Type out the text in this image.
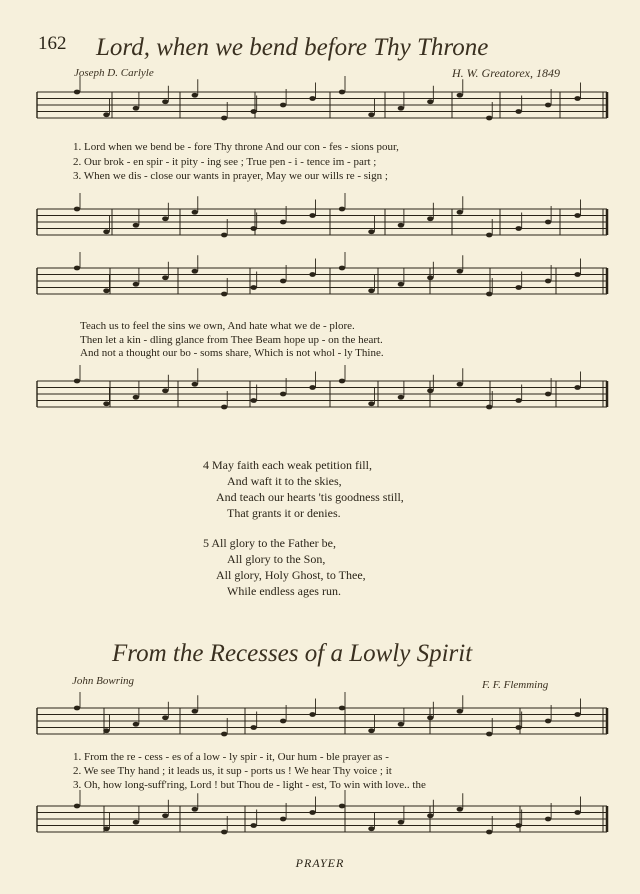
162 Lord, when we bend before Thy Throne
Joseph D. Carlyle	H. W. Greatorex, 1849
1. Lord when we bend be - fore Thy throne And our con - fes - sions pour,
2. Our brok - en spir - it pity - ing see ; True pen - i - tence im - part ;
3. When we dis - close our wants in prayer, May we our wills re - sign ;
Teach us to feel the sins we own, And hate what we de - plore.
Then let a kin - dling glance from Thee Beam hope up - on the heart.
And not a thought our bo - soms share, Which is not whol - ly Thine.
4 May faith each weak petition fill,
And waft it to the skies,
And teach our hearts 'tis goodness still,
That grants it or denies.
5 All glory to the Father be,
All glory to the Son,
All glory, Holy Ghost, to Thee,
While endless ages run.
From the Recesses of a Lowly Spirit
John Bowring	F. F. Flemming
1. From the re - cess - es of a low - ly spir - it, Our hum - ble prayer as -
2. We see Thy hand ; it leads us, it sup - ports us ! We hear Thy voice ; it
3. Oh, how long-suff'ring, Lord ! but Thou de - light - est, To win with love.. the
PRAYER
